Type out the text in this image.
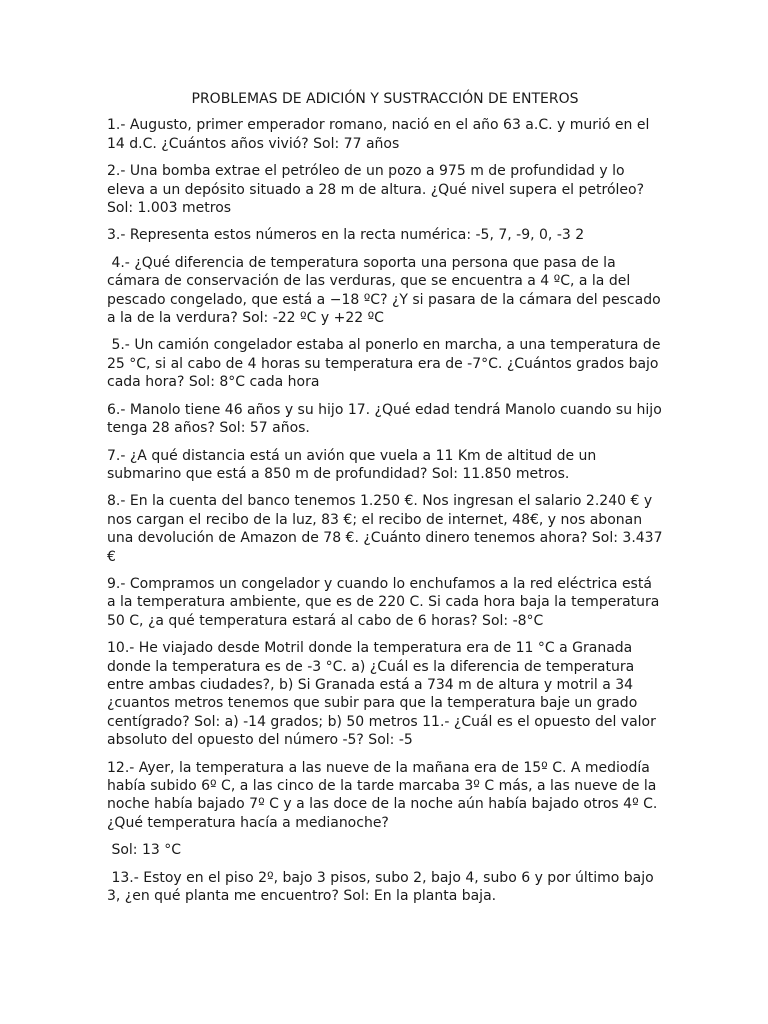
PROBLEMAS DE ADICIÓN Y SUSTRACCIÓN DE ENTEROS
1.- Augusto, primer emperador romano, nació en el año 63 a.C. y murió en el 14 d.C. ¿Cuántos años vivió? Sol: 77 años
2.- Una bomba extrae el petróleo de un pozo a 975 m de profundidad y lo eleva a un depósito situado a 28 m de altura. ¿Qué nivel supera el petróleo? Sol: 1.003 metros
3.- Representa estos números en la recta numérica: -5, 7, -9, 0, -3 2
4.- ¿Qué diferencia de temperatura soporta una persona que pasa de la cámara de conservación de las verduras, que se encuentra a 4 ºC, a la del pescado congelado, que está a −18 ºC? ¿Y si pasara de la cámara del pescado a la de la verdura? Sol: -22 ºC y +22 ºC
5.- Un camión congelador estaba al ponerlo en marcha, a una temperatura de 25 °C, si al cabo de 4 horas su temperatura era de -7°C. ¿Cuántos grados bajo cada hora? Sol: 8°C cada hora
6.- Manolo tiene 46 años y su hijo 17. ¿Qué edad tendrá Manolo cuando su hijo tenga 28 años? Sol: 57 años.
7.- ¿A qué distancia está un avión que vuela a 11 Km de altitud de un submarino que está a 850 m de profundidad? Sol: 11.850 metros.
8.- En la cuenta del banco tenemos 1.250 €. Nos ingresan el salario 2.240 € y nos cargan el recibo de la luz, 83 €; el recibo de internet, 48€, y nos abonan una devolución de Amazon de 78 €. ¿Cuánto dinero tenemos ahora? Sol: 3.437 €
9.- Compramos un congelador y cuando lo enchufamos a la red eléctrica está a la temperatura ambiente, que es de 220 C. Si cada hora baja la temperatura 50 C, ¿a qué temperatura estará al cabo de 6 horas? Sol: -8°C
10.- He viajado desde Motril donde la temperatura era de 11 °C a Granada donde la temperatura es de -3 °C. a) ¿Cuál es la diferencia de temperatura entre ambas ciudades?, b) Si Granada está a 734 m de altura y motril a 34 ¿cuantos metros tenemos que subir para que la temperatura baje un grado centígrado? Sol: a) -14 grados; b) 50 metros 11.- ¿Cuál es el opuesto del valor absoluto del opuesto del número -5? Sol: -5
12.- Ayer, la temperatura a las nueve de la mañana era de 15º C. A mediodía había subido 6º C, a las cinco de la tarde marcaba 3º C más, a las nueve de la noche había bajado 7º C y a las doce de la noche aún había bajado otros 4º C. ¿Qué temperatura hacía a medianoche?
Sol: 13 °C
13.- Estoy en el piso 2º, bajo 3 pisos, subo 2, bajo 4, subo 6 y por último bajo 3, ¿en qué planta me encuentro? Sol: En la planta baja.
